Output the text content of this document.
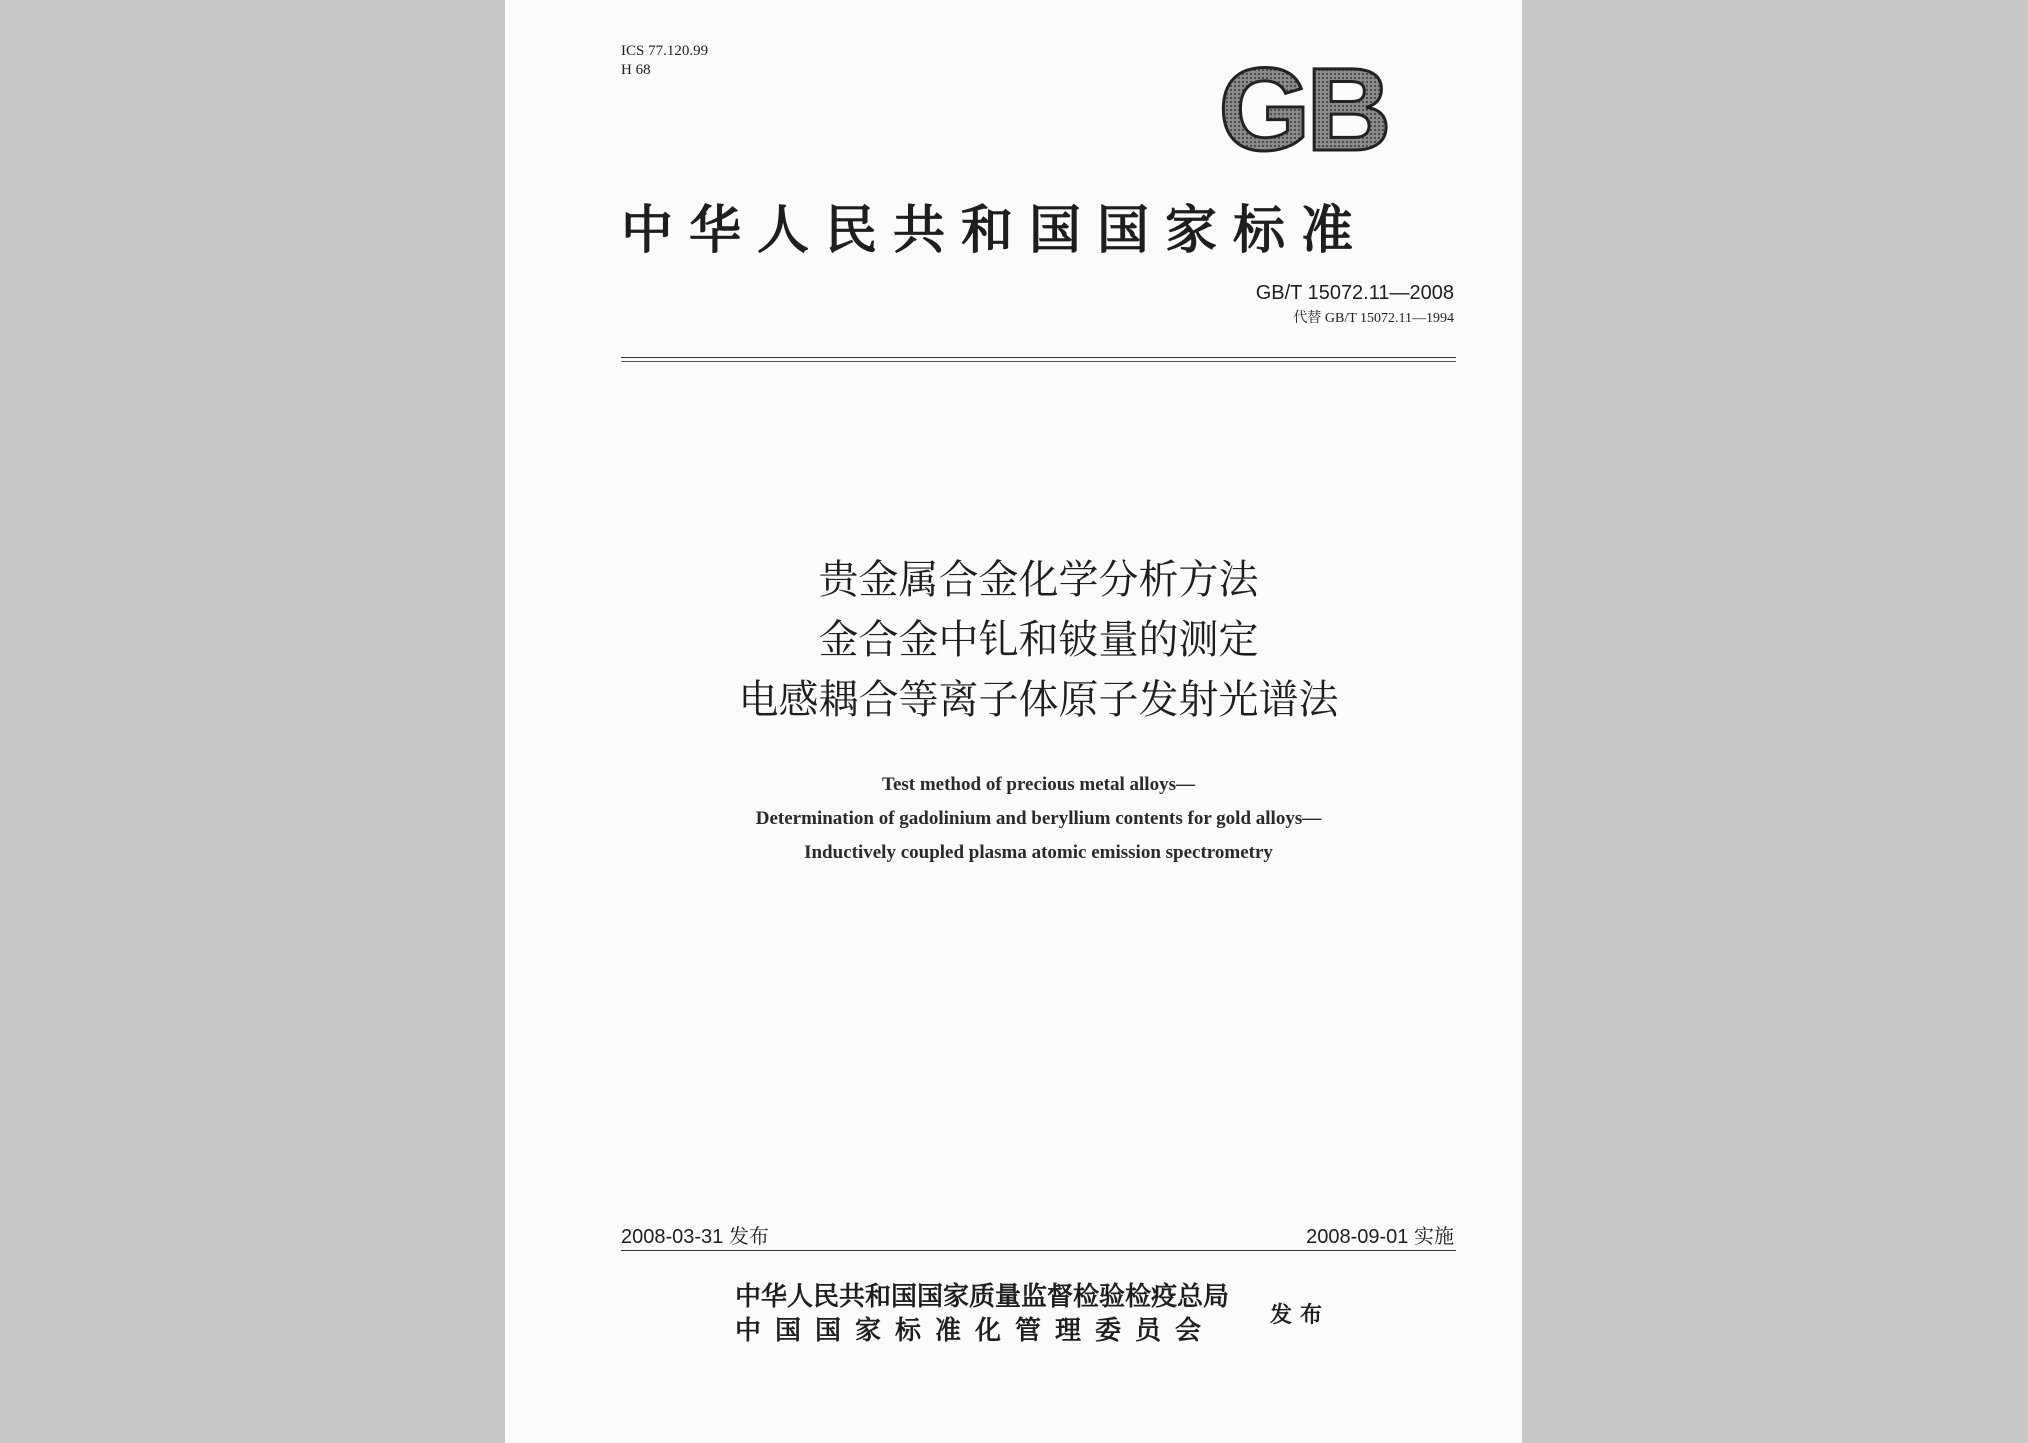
ICS 77.120.99
H 68	GB
中华人民共和国国家标准
GB/T 15072.11—2008
代替 GB/T 15072.11—1994
贵金属合金化学分析方法
金合金中钆和铍量的测定
电感耦合等离子体原子发射光谱法
Test method of precious metal alloys—
Determination of gadolinium and beryllium contents for gold alloys—
Inductively coupled plasma atomic emission spectrometry
2008-03-31 发布	2008-09-01 实施
中华人民共和国国家质量监督检验检疫总局
中国国家标准化管理委员会
发布
